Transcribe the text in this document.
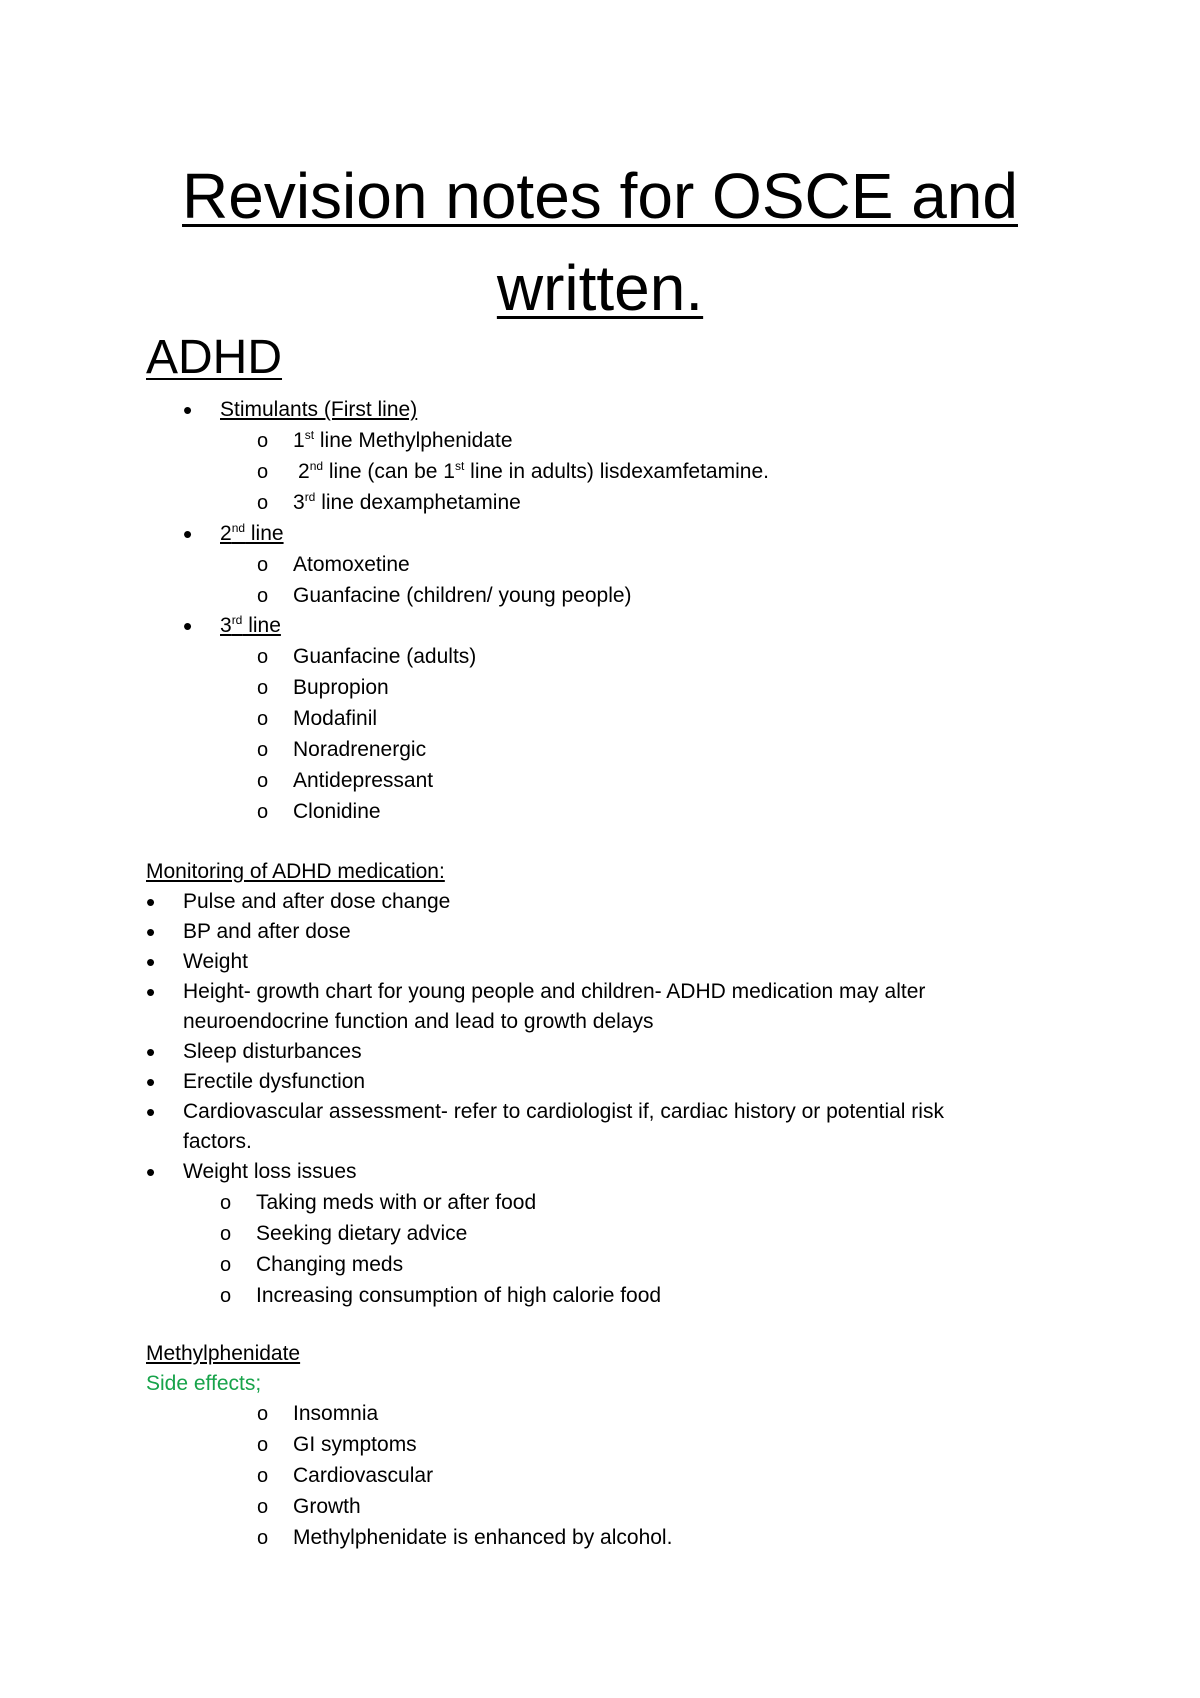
Revision notes for OSCE and
written.
ADHD
•
Stimulants (First line)
o
1st line Methylphenidate
o
2nd line (can be 1st line in adults) lisdexamfetamine.
o
3rd line dexamphetamine
•
2nd line
o
Atomoxetine
o
Guanfacine (children/ young people)
•
3rd line
o
Guanfacine (adults)
o
Bupropion
o
Modafinil
o
Noradrenergic
o
Antidepressant
o
Clonidine
Monitoring of ADHD medication:
•
Pulse and after dose change
•
BP and after dose
•
Weight
•
Height- growth chart for young people and children- ADHD medication may alter
neuroendocrine function and lead to growth delays
•
Sleep disturbances
•
Erectile dysfunction
•
Cardiovascular assessment- refer to cardiologist if, cardiac history or potential risk
factors.
•
Weight loss issues
o
Taking meds with or after food
o
Seeking dietary advice
o
Changing meds
o
Increasing consumption of high calorie food
Methylphenidate
Side effects;
o
Insomnia
o
GI symptoms
o
Cardiovascular
o
Growth
o
Methylphenidate is enhanced by alcohol.
